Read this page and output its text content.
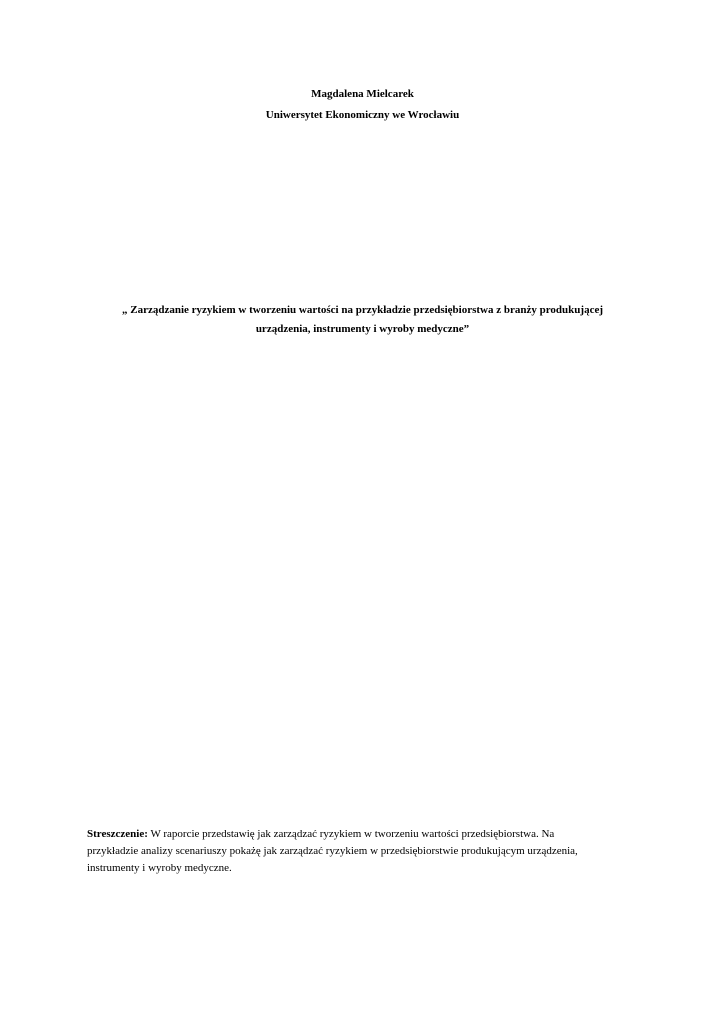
Magdalena Mielcarek
Uniwersytet Ekonomiczny we Wrocławiu
„ Zarządzanie ryzykiem w tworzeniu wartości na przykładzie przedsiębiorstwa z branży produkującej
urządzenia, instrumenty i wyroby medyczne”
Streszczenie: W raporcie przedstawię jak zarządzać ryzykiem w tworzeniu wartości przedsiębiorstwa. Na
przykładzie analizy scenariuszy pokażę jak zarządzać ryzykiem w przedsiębiorstwie produkującym urządzenia,
instrumenty i wyroby medyczne.
